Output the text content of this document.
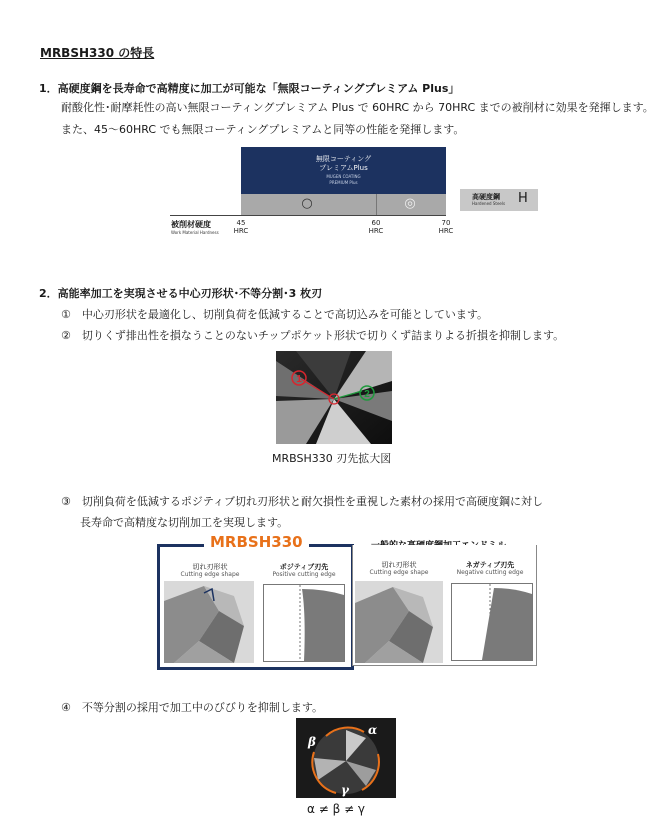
MRBSH330 の特長
1．高硬度鋼を長寿命で高精度に加工が可能な「無限コーティングプレミアム Plus」
耐酸化性･耐摩耗性の高い無限コーティングプレミアム Plus で 60HRC から 70HRC までの被削材に効果を発揮します。
また、45～60HRC でも無限コーティングプレミアムと同等の性能を発揮します。
無限コーティング
プレミアムPlus
MUGEN COATING
PREMIUM Plus
○	◎
被削材硬度
Work Material Hardness
45
HRC
60
HRC
70
HRC
高硬度鋼
Hardened Steels H
2．高能率加工を実現させる中心刃形状･不等分割･3 枚刃
①　中心刃形状を最適化し、切削負荷を低減することで高切込みを可能としています。
②　切りくず排出性を損なうことのないチップポケット形状で切りくず詰まりよる折損を抑制します。
1
2
MRBSH330 刃先拡大図
③　切削負荷を低減するポジティブ切れ刃形状と耐欠損性を重視した素材の採用で高硬度鋼に対し
長寿命で高精度な切削加工を実現します。
MRBSH330
切れ刃形状
Cutting edge shape
ポジティブ刃先
Positive cutting edge
切れ刃形状
Cutting edge shape
ネガティブ刃先
Negative cutting edge
④　不等分割の採用で加工中のびびりを抑制します。
α
β
γ
α ≠ β ≠ γ
